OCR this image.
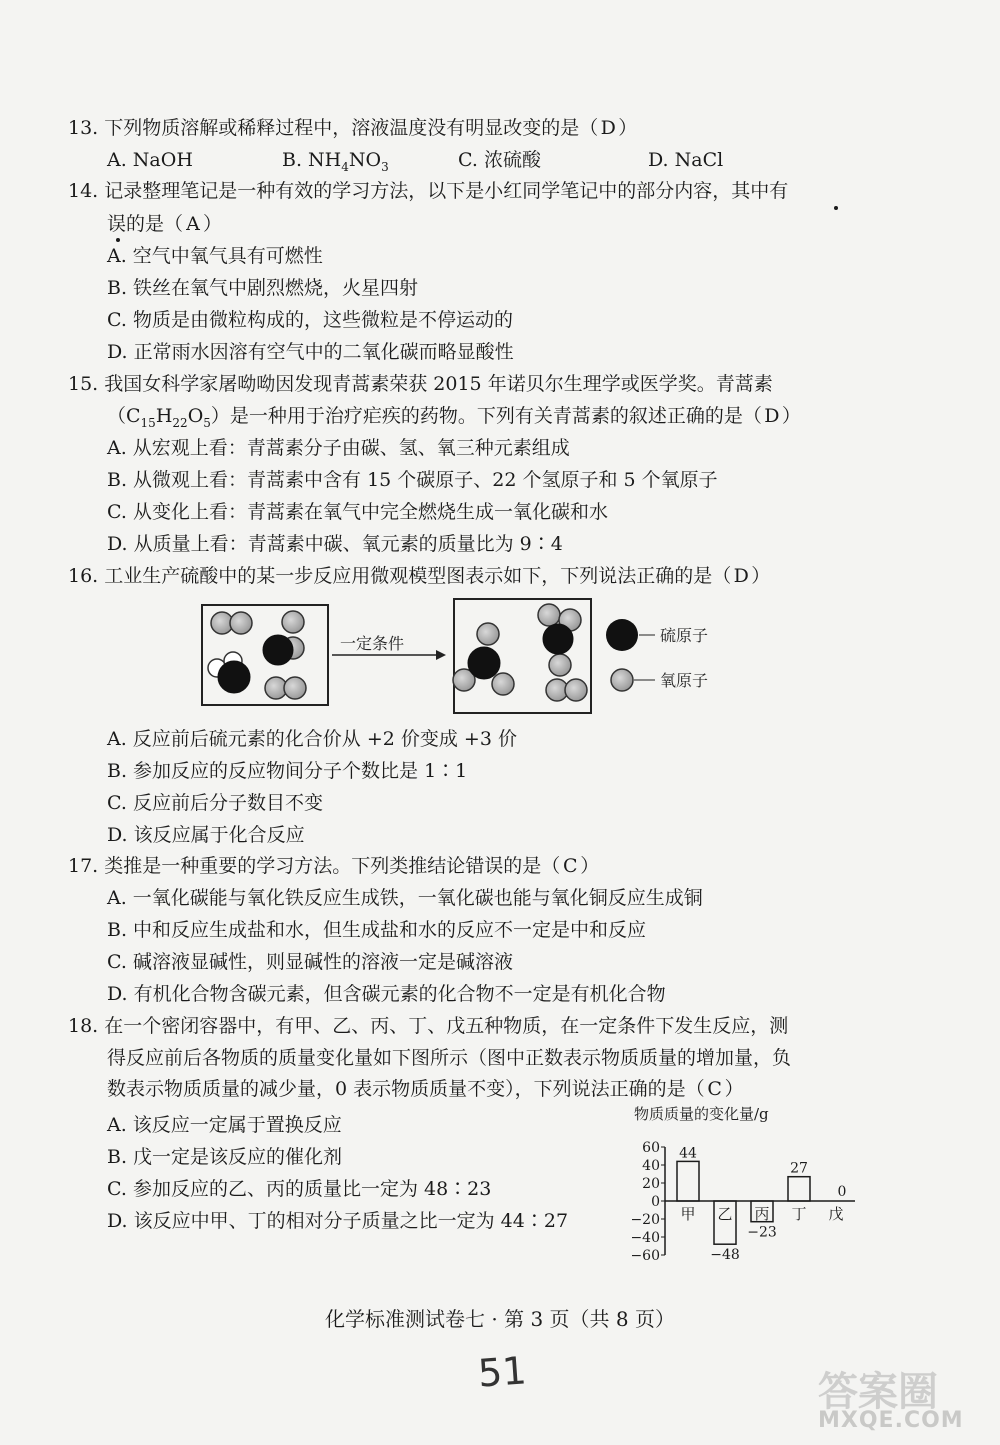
13. 下列物质溶解或稀释过程中，溶液温度没有明显改变的是（ D ）
A. NaOH	B. $NH_4NO_3$	C. 浓硫酸	D. NaCl
14. 记录整理笔记是一种有效的学习方法，以下是小红同学笔记中的部分内容，其中有
误的是（ A ）
A. 空气中氧气具有可燃性
B. 铁丝在氧气中剧烈燃烧，火星四射
C. 物质是由微粒构成的，这些微粒是不停运动的
D. 正常雨水因溶有空气中的二氧化碳而略显酸性
15. 我国女科学家屠呦呦因发现青蒿素荣获 2015 年诺贝尔生理学或医学奖。青蒿素
$(C_{15}H_{22}O_5)$是一种用于治疗疟疾的药物。下列有关青蒿素的叙述正确的是（ D ）
A. 从宏观上看：青蒿素分子由碳、氢、氧三种元素组成
B. 从微观上看：青蒿素中含有 15 个碳原子、22 个氢原子和 5 个氧原子
C. 从变化上看：青蒿素在氧气中完全燃烧生成一氧化碳和水
D. 从质量上看：青蒿素中碳、氧元素的质量比为 9∶4
16. 工业生产硫酸中的某一步反应用微观模型图表示如下，下列说法正确的是（ D ）
一定条件	硫原子
氧原子
A. 反应前后硫元素的化合价从 +2 价变成 +3 价
B. 参加反应的反应物间分子个数比是 1∶1
C. 反应前后分子数目不变
D. 该反应属于化合反应
17. 类推是一种重要的学习方法。下列类推结论错误的是（ C ）
A. 一氧化碳能与氧化铁反应生成铁，一氧化碳也能与氧化铜反应生成铜
B. 中和反应生成盐和水，但生成盐和水的反应不一定是中和反应
C. 碱溶液显碱性，则显碱性的溶液一定是碱溶液
D. 有机化合物含碳元素，但含碳元素的化合物不一定是有机化合物
18. 在一个密闭容器中，有甲、乙、丙、丁、戊五种物质，在一定条件下发生反应，测
得反应前后各物质的质量变化量如下图所示（图中正数表示物质质量的增加量，负
数表示物质质量的减少量，0 表示物质质量不变），下列说法正确的是（ C ）
A. 该反应一定属于置换反应
B. 戊一定是该反应的催化剂
C. 参加反应的乙、丙的质量比一定为 48∶23
D. 该反应中甲、丁的相对分子质量之比一定为 44∶27
物质质量的变化量/g
60
40
20
0
−20
−40
−60
44
甲
−48
乙
−23
丙
27
丁
0
戊
化学标准测试卷七 · 第 3 页（共 8 页）
51	答案圈
MXQE.COM
